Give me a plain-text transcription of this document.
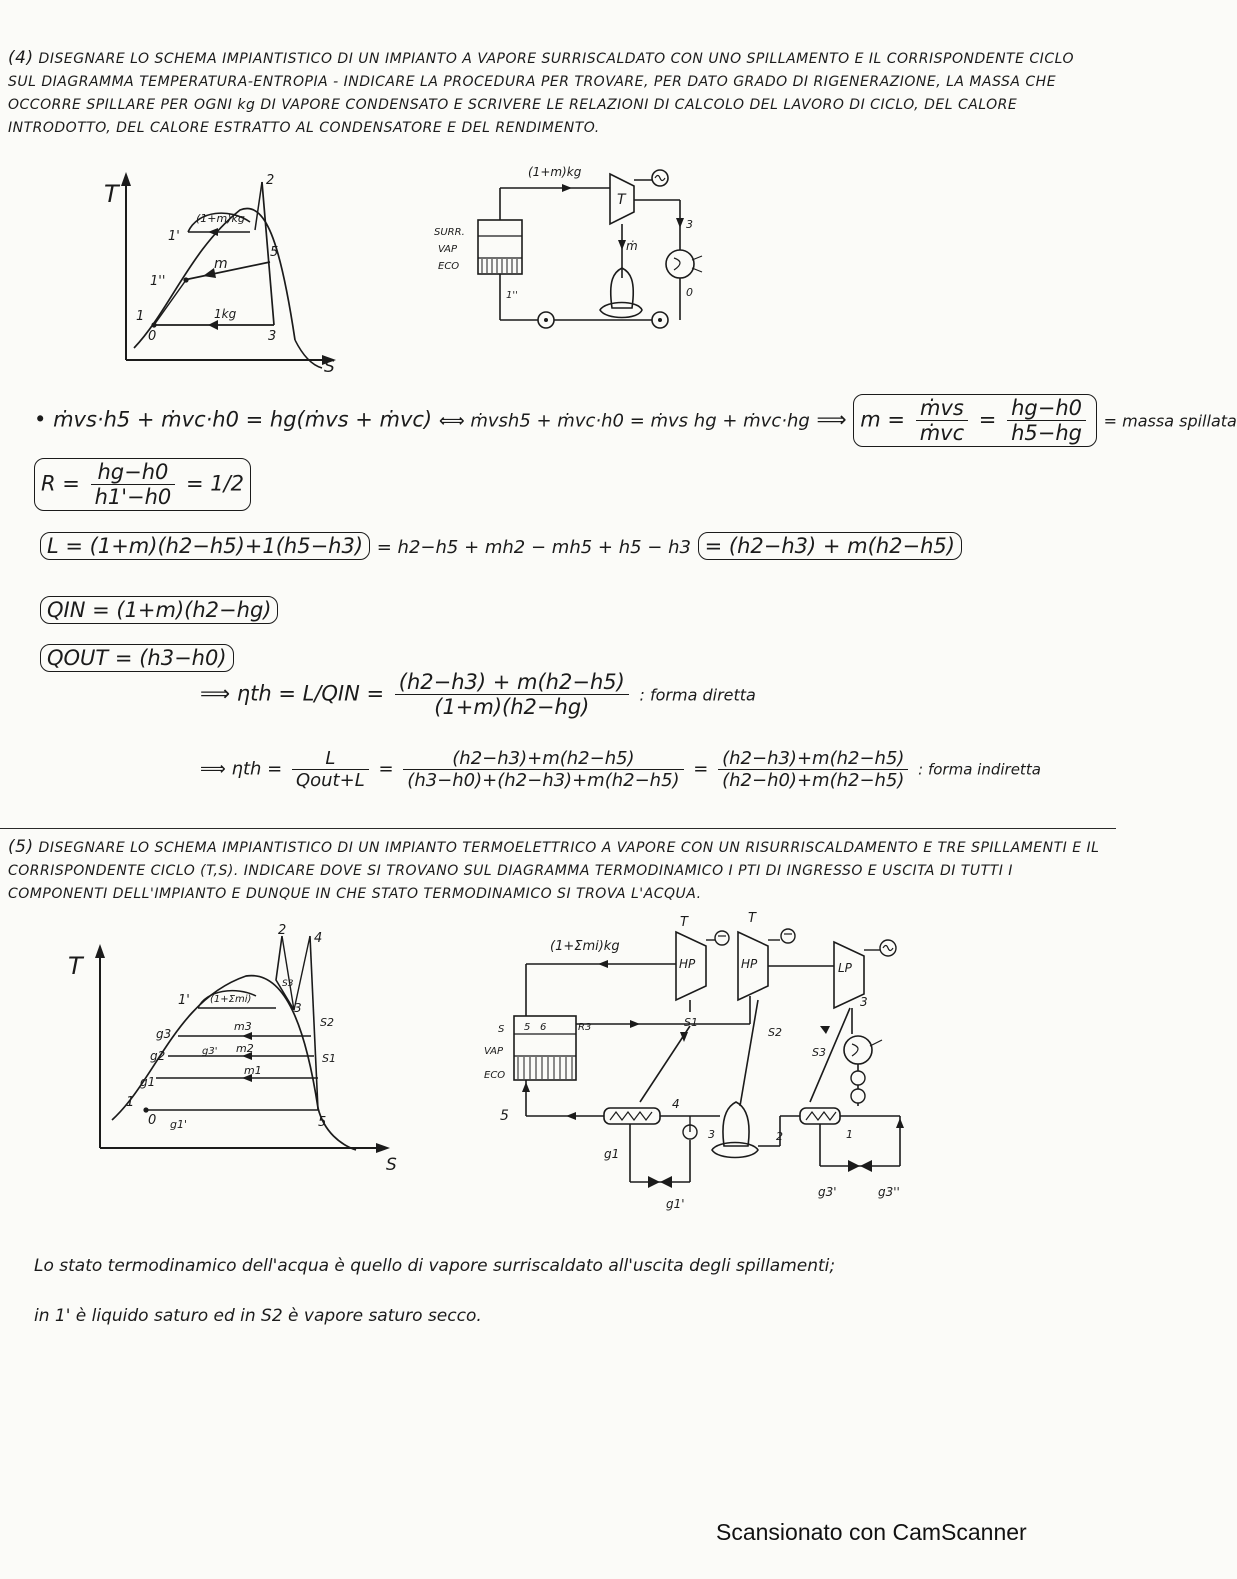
(4) DISEGNARE LO SCHEMA IMPIANTISTICO DI UN IMPIANTO A VAPORE SURRISCALDATO CON UNO SPILLAMENTO E IL CORRISPONDENTE CICLO SUL DIAGRAMMA TEMPERATURA-ENTROPIA - INDICARE LA PROCEDURA PER TROVARE, PER DATO GRADO DI RIGENERAZIONE, LA MASSA CHE OCCORRE SPILLARE PER OGNI kg DI VAPORE CONDENSATO E SCRIVERE LE RELAZIONI DI CALCOLO DEL LAVORO DI CICLO, DEL CALORE INTRODOTTO, DEL CALORE ESTRATTO AL CONDENSATORE E DEL RENDIMENTO.
T
S
2
1'
(1+m)kg
5
m
1''
1kg
1
0	3
(1+m)kg
SURR.
VAP
ECO
1''
T
3
0
ṁ
• ṁvs·h5 + ṁvc·h0 = hg(ṁvs + ṁvc) ⟺ ṁvsh5 + ṁvc·h0 = ṁvs hg + ṁvc·hg ⟹ $m = \frac{\text{ṁvs}}{\text{ṁvc}} = \frac{hg-h0}{h5-hg}$ = massa spillata
$R = \frac{hg-h0}{h1'-h0} = 1/2$
L = (1+m)(h2−h5)+1(h5−h3) = h2−h5 + mh2 − mh5 + h5 − h3 = (h2−h3) + m(h2−h5)
QIN = (1+m)(h2−hg)
QOUT = (h3−h0)
⟹ $\eta th = L/QIN = \frac{(h2-h3) + m(h2-h5)}{(1+m)(h2-hg)}$ : forma diretta
⟹ $\eta th = \frac{L}{\text{Qout+L}} = \frac{(h2-h3)+m(h2-h5)}{(h3-h0)+(h2-h3)+m(h2-h5)} = \frac{(h2-h3)+m(h2-h5)}{(h2-h0)+m(h2-h5)}$ : forma indiretta
(5) DISEGNARE LO SCHEMA IMPIANTISTICO DI UN IMPIANTO TERMOELETTRICO A VAPORE CON UN RISURRISCALDAMENTO E TRE SPILLAMENTI E IL CORRISPONDENTE CICLO (T,S). INDICARE DOVE SI TROVANO SUL DIAGRAMMA TERMODINAMICO I PTI DI INGRESSO E USCITA DI TUTTI I COMPONENTI DELL'IMPIANTO E DUNQUE IN CHE STATO TERMODINAMICO SI TROVA L'ACQUA.
T
S
2
4
1' (1+Σmi)
m3
m2
m1
g3
g2
g1
1
0 g1'	5
S3
S2
S1
3
g3'
(1+Σmi)kg
HP
T
HP
T
LP
5 6	R3
S
VAP
ECO
S1
S2
S3
3
5
4
3	2	1
g1
g1'
g3'	g3''
Lo stato termodinamico dell'acqua è quello di vapore surriscaldato all'uscita degli spillamenti;
in 1' è liquido saturo ed in S2 è vapore saturo secco.
Scansionato con CamScanner
